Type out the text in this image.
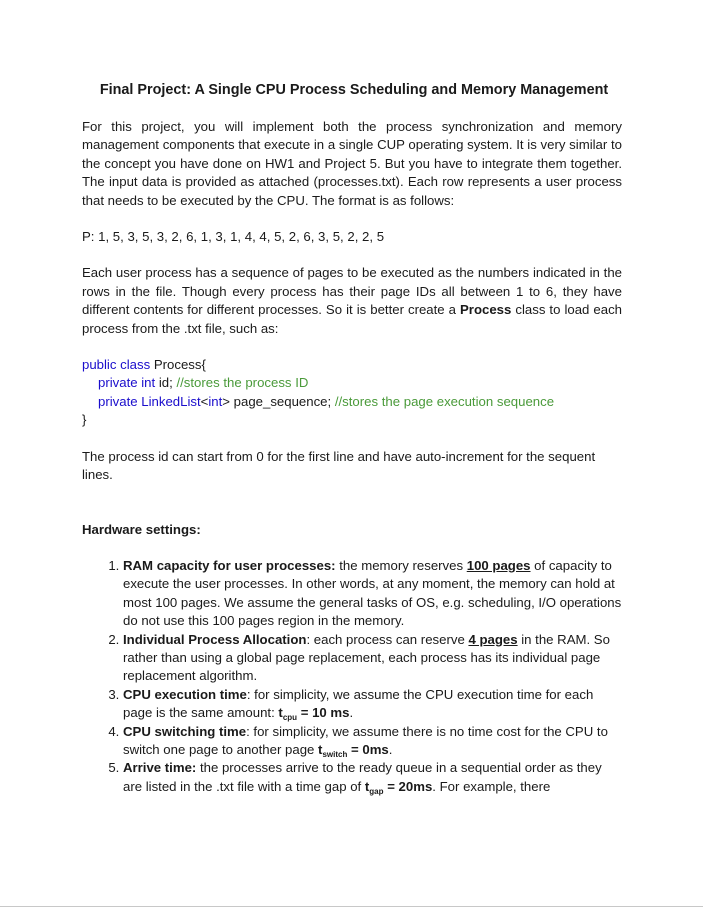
Final Project: A Single CPU Process Scheduling and Memory Management

For this project, you will implement both the process synchronization and memory management components that execute in a single CUP operating system. It is very similar to the concept you have done on HW1 and Project 5. But you have to integrate them together. The input data is provided as attached (processes.txt). Each row represents a user process that needs to be executed by the CPU. The format is as follows:

P: 1, 5, 3, 5, 3, 2, 6, 1, 3, 1, 4, 4, 5, 2, 6, 3, 5, 2, 2, 5

Each user process has a sequence of pages to be executed as the numbers indicated in the rows in the file. Though every process has their page IDs all between 1 to 6, they have different contents for different processes. So it is better create a Process class to load each process from the .txt file, such as:

public class Process{
private int id; //stores the process ID
private LinkedList<int> page_sequence; //stores the page execution sequence
}

The process id can start from 0 for the first line and have auto-increment for the sequent lines.

Hardware settings:

1. RAM capacity for user processes: the memory reserves 100 pages of capacity to execute the user processes. In other words, at any moment, the memory can hold at most 100 pages. We assume the general tasks of OS, e.g. scheduling, I/O operations do not use this 100 pages region in the memory.
2. Individual Process Allocation: each process can reserve 4 pages in the RAM. So rather than using a global page replacement, each process has its individual page replacement algorithm.
3. CPU execution time: for simplicity, we assume the CPU execution time for each page is the same amount: $t_{cpu} = 10$ ms.
4. CPU switching time: for simplicity, we assume there is no time cost for the CPU to switch one page to another page $t_{switch} = 0ms$.
5. Arrive time: the processes arrive to the ready queue in a sequential order as they are listed in the .txt file with a time gap of $t_{gap} = 20ms$. For example, there
